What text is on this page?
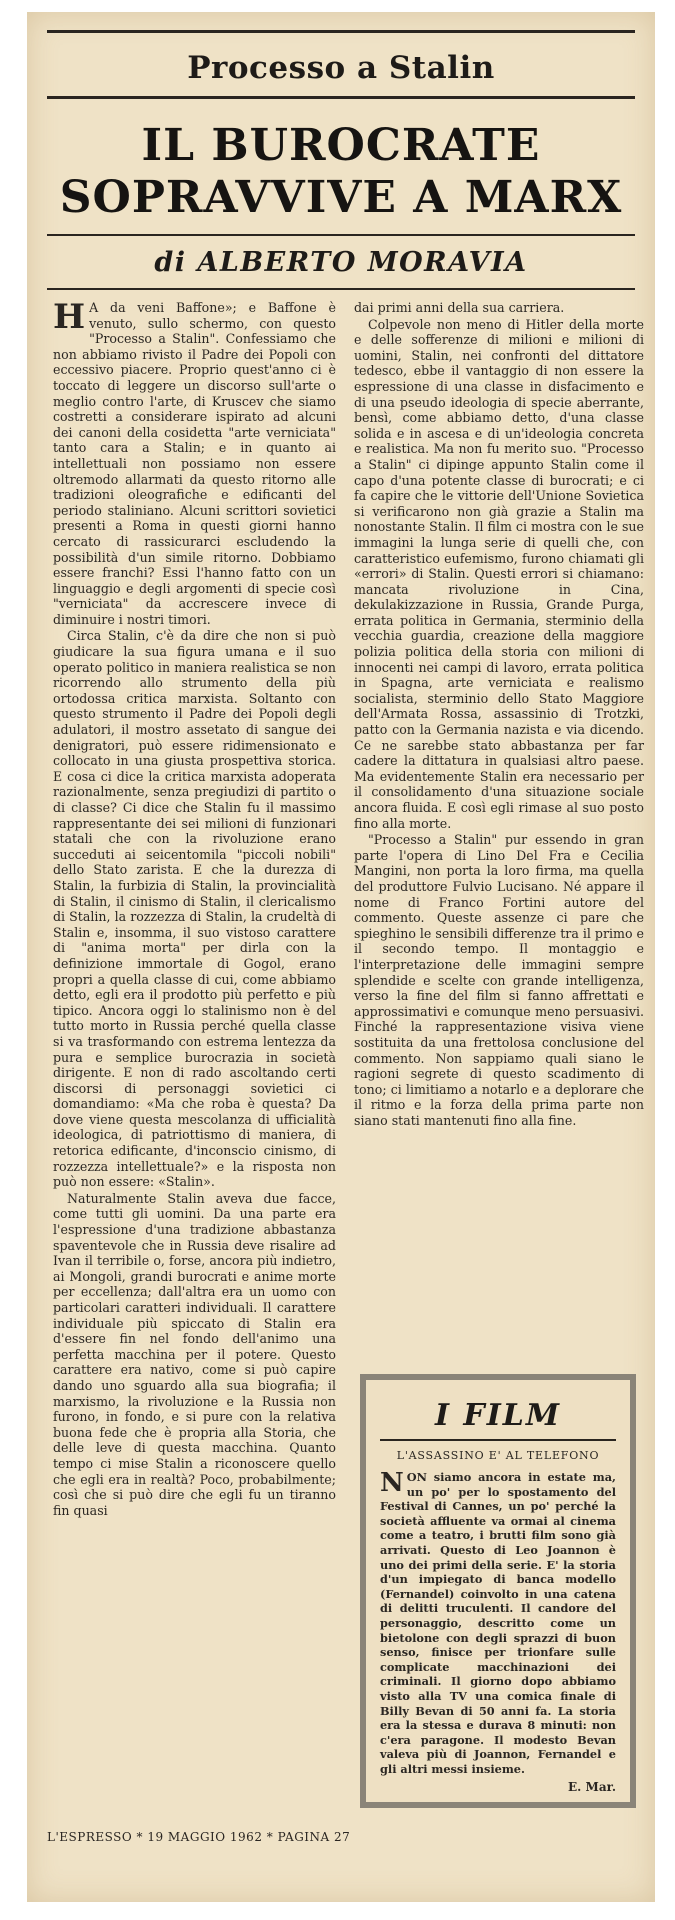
Processo a Stalin
IL BUROCRATE
SOPRAVVIVE A MARX
di ALBERTO MORAVIA

H A da veni Baffone»; e Baffone è venuto, sullo schermo, con questo "Processo a Stalin". Confessiamo che non abbiamo rivisto il Padre dei Popoli con eccessivo piacere. Proprio quest'anno ci è toccato di leggere un discorso sull'arte o meglio contro l'arte, di Kruscev che siamo costretti a considerare ispirato ad alcuni dei canoni della cosidetta "arte verniciata" tanto cara a Stalin; e in quanto ai intellettuali non possiamo non essere oltremodo allarmati da questo ritorno alle tradizioni oleografiche e edificanti del periodo staliniano. Alcuni scrittori sovietici presenti a Roma in questi giorni hanno cercato di rassicurarci escludendo la possibilità d'un simile ritorno. Dobbiamo essere franchi? Essi l'hanno fatto con un linguaggio e degli argomenti di specie così "verniciata" da accrescere invece di diminuire i nostri timori.

Circa Stalin, c'è da dire che non si può giudicare la sua figura umana e il suo operato politico in maniera realistica se non ricorrendo allo strumento della più ortodossa critica marxista. Soltanto con questo strumento il Padre dei Popoli degli adulatori, il mostro assetato di sangue dei denigratori, può essere ridimensionato e collocato in una giusta prospettiva storica. E cosa ci dice la critica marxista adoperata razionalmente, senza pregiudizi di partito o di classe? Ci dice che Stalin fu il massimo rappresentante dei sei milioni di funzionari statali che con la rivoluzione erano succeduti ai seicentomila "piccoli nobili" dello Stato zarista. E che la durezza di Stalin, la furbizia di Stalin, la provincialità di Stalin, il cinismo di Stalin, il clericalismo di Stalin, la rozzezza di Stalin, la crudeltà di Stalin e, insomma, il suo vistoso carattere di "anima morta" per dirla con la definizione immortale di Gogol, erano propri a quella classe di cui, come abbiamo detto, egli era il prodotto più perfetto e più tipico. Ancora oggi lo stalinismo non è del tutto morto in Russia perché quella classe si va trasformando con estrema lentezza da pura e semplice burocrazia in società dirigente. E non di rado ascoltando certi discorsi di personaggi sovietici ci domandiamo: «Ma che roba è questa? Da dove viene questa mescolanza di ufficialità ideologica, di patriottismo di maniera, di retorica edificante, d'inconscio cinismo, di rozzezza intellettuale?» e la risposta non può non essere: «Stalin».

Naturalmente Stalin aveva due facce, come tutti gli uomini. Da una parte era l'espressione d'una tradizione abbastanza spaventevole che in Russia deve risalire ad Ivan il terribile o, forse, ancora più indietro, ai Mongoli, grandi burocrati e anime morte per eccellenza; dall'altra era un uomo con particolari caratteri individuali. Il carattere individuale più spiccato di Stalin era d'essere fin nel fondo dell'animo una perfetta macchina per il potere. Questo carattere era nativo, come si può capire dando uno sguardo alla sua biografia; il marxismo, la rivoluzione e la Russia non furono, in fondo, e si pure con la relativa buona fede che è propria alla Storia, che delle leve di questa macchina. Quanto tempo ci mise Stalin a riconoscere quello che egli era in realtà? Poco, probabilmente; così che si può dire che egli fu un tiranno fin quasi

dai primi anni della sua carriera.

Colpevole non meno di Hitler della morte e delle sofferenze di milioni e milioni di uomini, Stalin, nei confronti del dittatore tedesco, ebbe il vantaggio di non essere la espressione di una classe in disfacimento e di una pseudo ideologia di specie aberrante, bensì, come abbiamo detto, d'una classe solida e in ascesa e di un'ideologia concreta e realistica. Ma non fu merito suo. "Processo a Stalin" ci dipinge appunto Stalin come il capo d'una potente classe di burocrati; e ci fa capire che le vittorie dell'Unione Sovietica si verificarono non già grazie a Stalin ma nonostante Stalin. Il film ci mostra con le sue immagini la lunga serie di quelli che, con caratteristico eufemismo, furono chiamati gli «errori» di Stalin. Questi errori si chiamano: mancata rivoluzione in Cina, dekulakizzazione in Russia, Grande Purga, errata politica in Germania, sterminio della vecchia guardia, creazione della maggiore polizia politica della storia con milioni di innocenti nei campi di lavoro, errata politica in Spagna, arte verniciata e realismo socialista, sterminio dello Stato Maggiore dell'Armata Rossa, assassinio di Trotzki, patto con la Germania nazista e via dicendo. Ce ne sarebbe stato abbastanza per far cadere la dittatura in qualsiasi altro paese. Ma evidentemente Stalin era necessario per il consolidamento d'una situazione sociale ancora fluida. E così egli rimase al suo posto fino alla morte.

"Processo a Stalin" pur essendo in gran parte l'opera di Lino Del Fra e Cecilia Mangini, non porta la loro firma, ma quella del produttore Fulvio Lucisano. Né appare il nome di Franco Fortini autore del commento. Queste assenze ci pare che spieghino le sensibili differenze tra il primo e il secondo tempo. Il montaggio e l'interpretazione delle immagini sempre splendide e scelte con grande intelligenza, verso la fine del film si fanno affrettati e approssimativi e comunque meno persuasivi. Finché la rappresentazione visiva viene sostituita da una frettolosa conclusione del commento. Non sappiamo quali siano le ragioni segrete di questo scadimento di tono; ci limitiamo a notarlo e a deplorare che il ritmo e la forza della prima parte non siano stati mantenuti fino alla fine.

I FILM
L'ASSASSINO E' AL TELEFONO
NON siamo ancora in estate ma, un po' per lo spostamento del Festival di Cannes, un po' perché la società affluente va ormai al cinema come a teatro, i brutti film sono già arrivati. Questo di Leo Joannon è uno dei primi della serie. E' la storia d'un impiegato di banca modello (Fernandel) coinvolto in una catena di delitti truculenti. Il candore del personaggio, descritto come un bietolone con degli sprazzi di buon senso, finisce per trionfare sulle complicate macchinazioni dei criminali. Il giorno dopo abbiamo visto alla TV una comica finale di Billy Bevan di 50 anni fa. La storia era la stessa e durava 8 minuti: non c'era paragone. Il modesto Bevan valeva più di Joannon, Fernandel e gli altri messi insieme.
E. Mar.
L'ESPRESSO * 19 MAGGIO 1962 * PAGINA 27
